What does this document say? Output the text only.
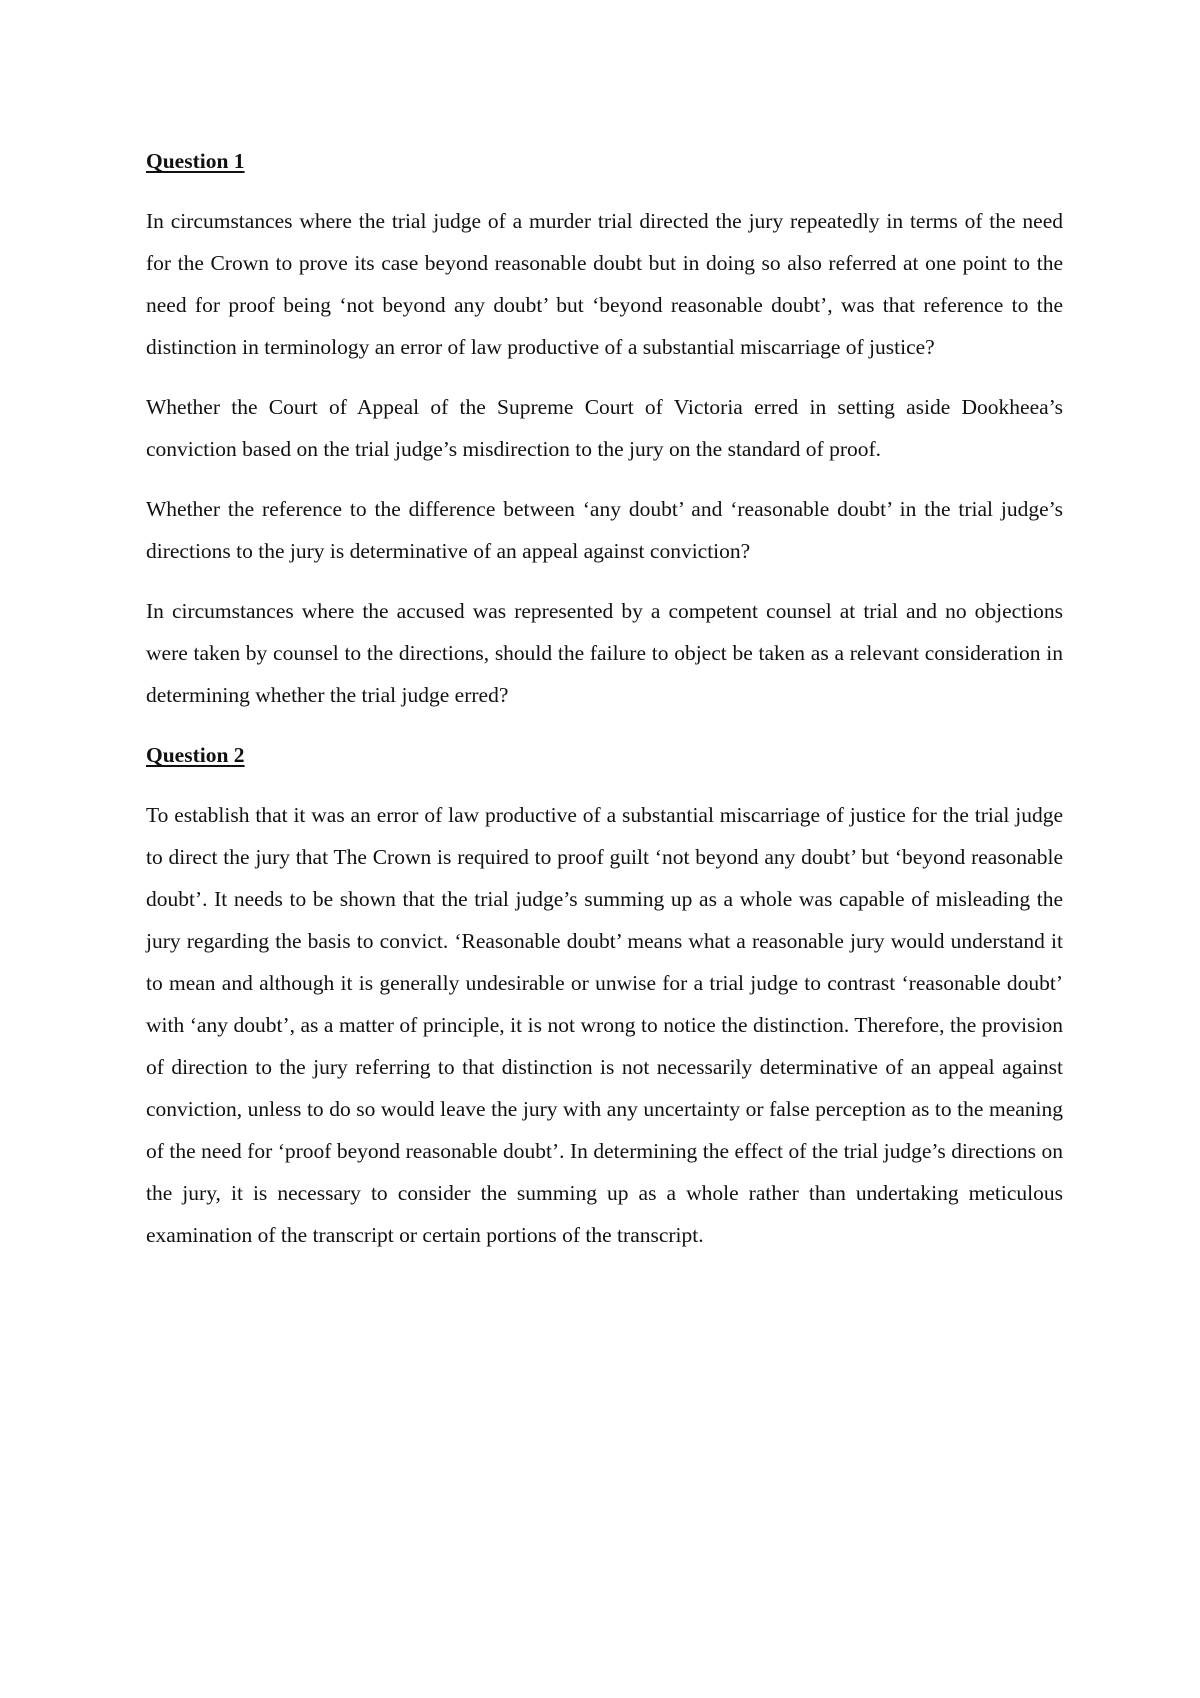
Question 1

In circumstances where the trial judge of a murder trial directed the jury repeatedly in terms of the need for the Crown to prove its case beyond reasonable doubt but in doing so also referred at one point to the need for proof being ‘not beyond any doubt’ but ‘beyond reasonable doubt’, was that reference to the distinction in terminology an error of law productive of a substantial miscarriage of justice?

Whether the Court of Appeal of the Supreme Court of Victoria erred in setting aside Dookheea’s conviction based on the trial judge’s misdirection to the jury on the standard of proof.

Whether the reference to the difference between ‘any doubt’ and ‘reasonable doubt’ in the trial judge’s directions to the jury is determinative of an appeal against conviction?

In circumstances where the accused was represented by a competent counsel at trial and no objections were taken by counsel to the directions, should the failure to object be taken as a relevant consideration in determining whether the trial judge erred?

Question 2

To establish that it was an error of law productive of a substantial miscarriage of justice for the trial judge to direct the jury that The Crown is required to proof guilt ‘not beyond any doubt’ but ‘beyond reasonable doubt’. It needs to be shown that the trial judge’s summing up as a whole was capable of misleading the jury regarding the basis to convict. ‘Reasonable doubt’ means what a reasonable jury would understand it to mean and although it is generally undesirable or unwise for a trial judge to contrast ‘reasonable doubt’ with ‘any doubt’, as a matter of principle, it is not wrong to notice the distinction. Therefore, the provision of direction to the jury referring to that distinction is not necessarily determinative of an appeal against conviction, unless to do so would leave the jury with any uncertainty or false perception as to the meaning of the need for ‘proof beyond reasonable doubt’. In determining the effect of the trial judge’s directions on the jury, it is necessary to consider the summing up as a whole rather than undertaking meticulous examination of the transcript or certain portions of the transcript.
